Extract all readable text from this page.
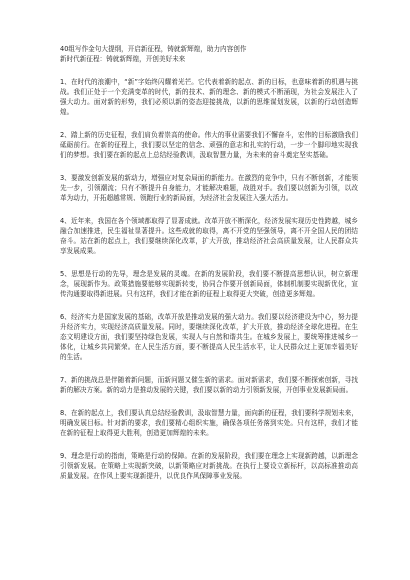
40组写作金句大提纲，开启新征程，铸就新辉煌，助力内容创作
新时代新征程：铸就新辉煌，开创美好未来
1、在时代的浪潮中，“新”字始终闪耀着光芒。它代表着新的起点、新的目标，也意味着新的机遇与挑战。我们正处于一个充满变革的时代，新的技术、新的理念、新的模式不断涌现，为社会发展注入了强大动力。面对新的形势，我们必须以新的姿态迎接挑战，以新的思维谋划发展，以新的行动创造辉煌。
2、踏上新的历史征程，我们肩负着崇高的使命。伟大的事业需要我们不懈奋斗，宏伟的目标激励我们砥砺前行。在新的征程上，我们要以坚定的信念、顽强的意志和扎实的行动，一步一个脚印地实现我们的梦想。我们要在新的起点上总结经验教训，汲取智慧力量，为未来的奋斗奠定坚实基础。
3、要激发创新发展的新动力，增强应对复杂局面的新能力。在激烈的竞争中，只有不断创新，才能领先一步，引领潮流；只有不断提升自身能力，才能解决难题，战胜对手。我们要以创新为引领，以改革为动力，开拓超越常规、领跑行业的新局面，为经济社会发展注入强大活力。
4、近年来，我国在各个领域都取得了显著成就。改革开放不断深化，经济发展实现历史性跨越，城乡融合加速推进，民生福祉显著提升。这些成就的取得，离不开党的坚强领导，离不开全国人民的团结奋斗。站在新的起点上，我们要继续深化改革，扩大开放，推动经济社会高质量发展，让人民群众共享发展成果。
5、思想是行动的先导，理念是发展的灵魂。在新的发展阶段，我们要不断提高思想认识，树立新理念，展现新作为。政策措施要能够实现新转变，协同合作要开创新局面，体制机制要实现新优化，宣传沟通要取得新进展。只有这样，我们才能在新的征程上取得更大突破，创造更多辉煌。
6、经济实力是国家发展的基础，改革开放是推动发展的强大动力。我们要以经济建设为中心，努力提升经济实力，实现经济高质量发展。同时，要继续深化改革，扩大开放，推动经济全球化进程。在生态文明建设方面，我们要坚持绿色发展，实现人与自然和谐共生。在城乡发展上，要统筹推进城乡一体化，让城乡共同繁荣。在人民生活方面，要不断提高人民生活水平，让人民群众过上更加幸福美好的生活。
7、新的挑战总是伴随着新问题，而新问题又催生新的需求。面对新需求，我们要不断探索创新，寻找新的解决方案。新的动力是推动发展的关键，我们要以新的动力引领新发展，开创事业发展新局面。
8、在新的起点上，我们要认真总结经验教训，汲取智慧力量，面向新的征程，我们要科学规划未来，明确发展目标。针对新的要求，我们要精心组织实施，确保各项任务落到实处。只有这样，我们才能在新的征程上取得更大胜利，创造更加辉煌的未来。
9、理念是行动的指南，策略是行动的保障。在新的发展阶段，我们要在理念上实现新跨越，以新理念引领新发展。在策略上实现新突破，以新策略应对新挑战。在执行上要设立新标杆，以高标准推动高质量发展。在作风上要实现新提升，以优良作风保障事业发展。
